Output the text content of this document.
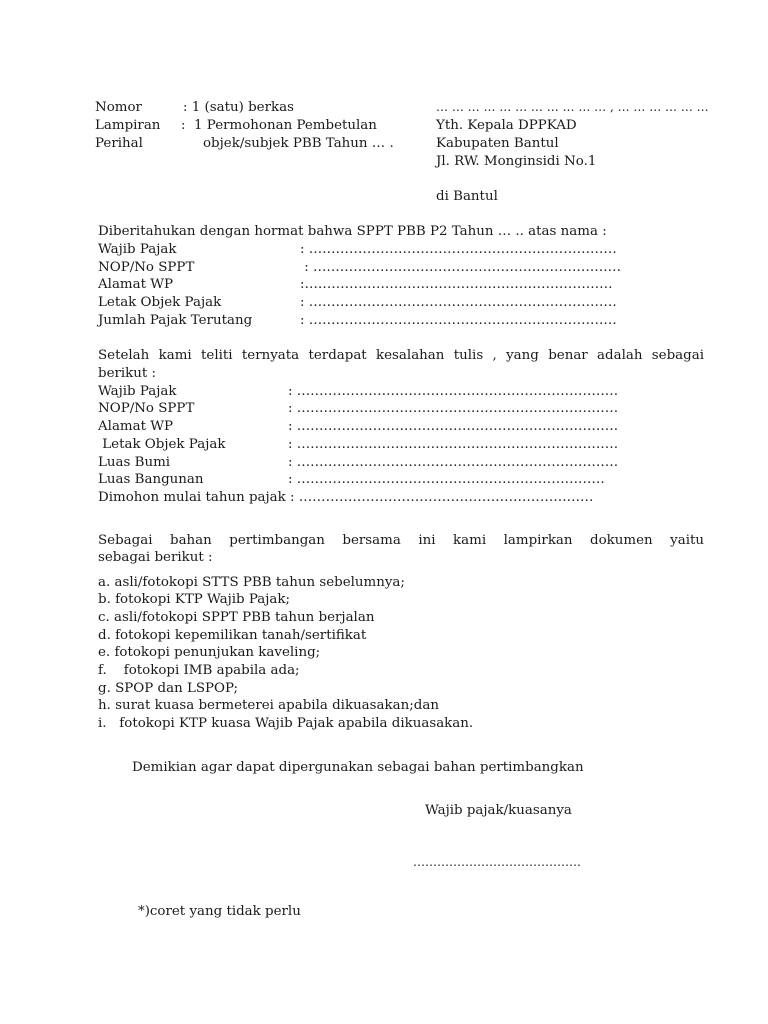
Nomor	: 1 (satu) berkas
Lampiran :  1 Permohonan Pembetulan
Perihal	objek/subjek PBB Tahun … .
… … … … … … … … … … … , … … … … … …
Yth. Kepala DPPKAD
Kabupaten Bantul
Jl. RW. Monginsidi No.1
di Bantul
Diberitahukan dengan hormat bahwa SPPT PBB P2 Tahun … .. atas nama :
Wajib Pajak	: ……………………………………………………………
NOP/No SPPT	: ……………………………………………………………
Alamat WP	:……………………………………………………………
Letak Objek Pajak	: ……………………………………………………………
Jumlah Pajak Terutang	: ……………………………………………………………
Setelah kami teliti ternyata terdapat kesalahan tulis , yang benar adalah sebagai
berikut :
Wajib Pajak	: ………………………………………………………………
NOP/No SPPT	: ………………………………………………………………
Alamat WP	: ………………………………………………………………
Letak Objek Pajak	: ………………………………………………………………
Luas Bumi	: ………………………………………………………………
Luas Bangunan	: ……………………………………………………………
Dimohon mulai tahun pajak : …………………………………………………………
Sebagai bahan pertimbangan bersama ini kami lampirkan dokumen yaitu
sebagai berikut :
a. asli/fotokopi STTS PBB tahun sebelumnya;
b. fotokopi KTP Wajib Pajak;
c. asli/fotokopi SPPT PBB tahun berjalan
d. fotokopi kepemilikan tanah/sertifikat
e. fotokopi penunjukan kaveling;
f.    fotokopi IMB apabila ada;
g. SPOP dan LSPOP;
h. surat kuasa bermeterei apabila dikuasakan;dan
i.   fotokopi KTP kuasa Wajib Pajak apabila dikuasakan.
Demikian agar dapat dipergunakan sebagai bahan pertimbangkan
Wajib pajak/kuasanya
……………………………………
*)coret yang tidak perlu
